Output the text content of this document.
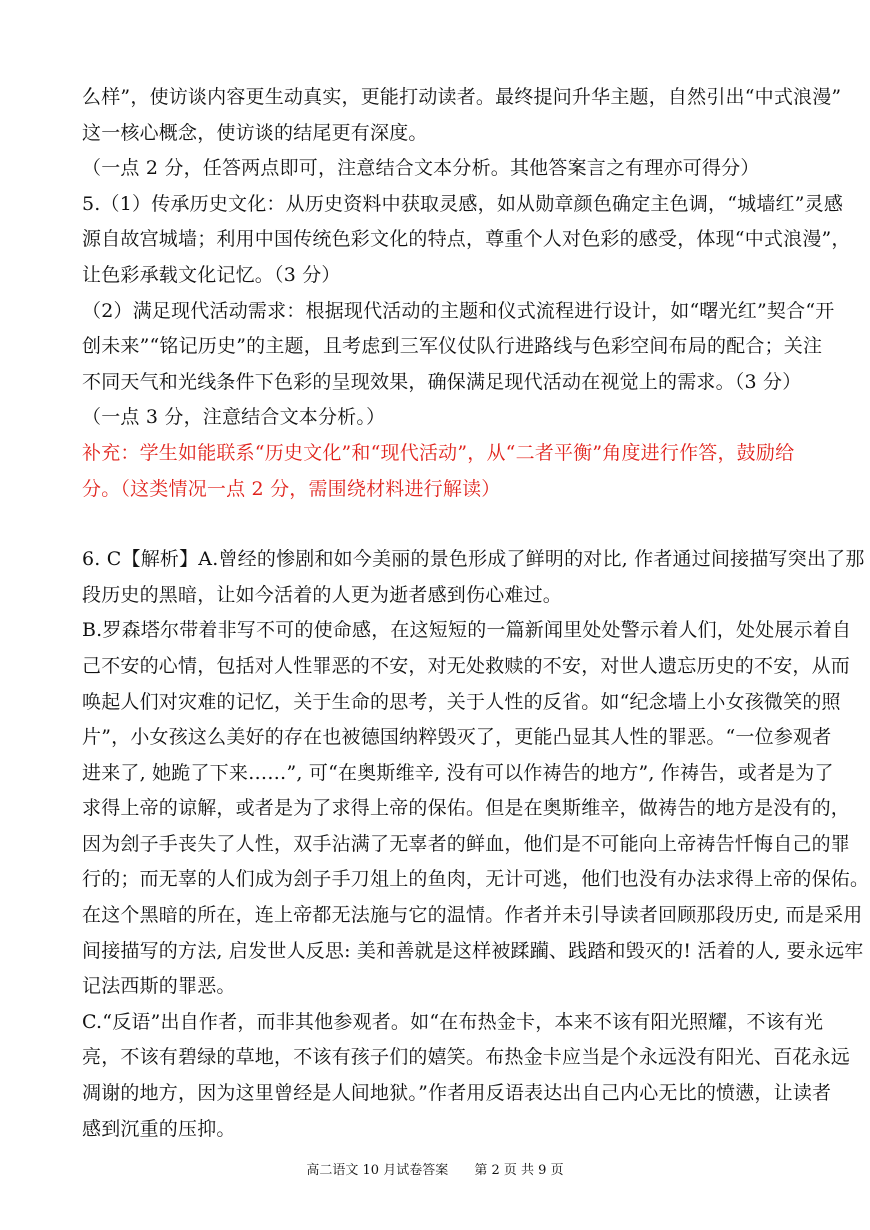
么样”，使访谈内容更生动真实，更能打动读者。最终提问升华主题，自然引出“中式浪漫”
这一核心概念，使访谈的结尾更有深度。
（一点 2 分，任答两点即可，注意结合文本分析。其他答案言之有理亦可得分）
5.（1）传承历史文化：从历史资料中获取灵感，如从勋章颜色确定主色调，“城墙红”灵感
源自故宫城墙；利用中国传统色彩文化的特点，尊重个人对色彩的感受，体现“中式浪漫”，
让色彩承载文化记忆。（3 分）
（2）满足现代活动需求：根据现代活动的主题和仪式流程进行设计，如“曙光红”契合“开
创未来”“铭记历史”的主题，且考虑到三军仪仗队行进路线与色彩空间布局的配合；关注
不同天气和光线条件下色彩的呈现效果，确保满足现代活动在视觉上的需求。（3 分）
（一点 3 分，注意结合文本分析。）
补充：学生如能联系“历史文化”和“现代活动”，从“二者平衡”角度进行作答，鼓励给
分。（这类情况一点 2 分，需围绕材料进行解读）
6. C【解析】A.曾经的惨剧和如今美丽的景色形成了鲜明的对比, 作者通过间接描写突出了那
段历史的黑暗，让如今活着的人更为逝者感到伤心难过。
B.罗森塔尔带着非写不可的使命感，在这短短的一篇新闻里处处警示着人们，处处展示着自
己不安的心情，包括对人性罪恶的不安，对无处救赎的不安，对世人遗忘历史的不安，从而
唤起人们对灾难的记忆，关于生命的思考，关于人性的反省。如“纪念墙上小女孩微笑的照
片”，小女孩这么美好的存在也被德国纳粹毁灭了，更能凸显其人性的罪恶。“一位参观者
进来了, 她跪了下来……”, 可“在奥斯维辛, 没有可以作祷告的地方”, 作祷告，或者是为了
求得上帝的谅解，或者是为了求得上帝的保佑。但是在奥斯维辛，做祷告的地方是没有的，
因为刽子手丧失了人性，双手沾满了无辜者的鲜血，他们是不可能向上帝祷告忏悔自己的罪
行的；而无辜的人们成为刽子手刀俎上的鱼肉，无计可逃，他们也没有办法求得上帝的保佑。
在这个黑暗的所在，连上帝都无法施与它的温情。作者并未引导读者回顾那段历史, 而是采用
间接描写的方法, 启发世人反思: 美和善就是这样被蹂躏、践踏和毁灭的! 活着的人, 要永远牢
记法西斯的罪恶。
C.“反语”出自作者，而非其他参观者。如“在布热金卡，本来不该有阳光照耀，不该有光
亮，不该有碧绿的草地，不该有孩子们的嬉笑。布热金卡应当是个永远没有阳光、百花永远
凋谢的地方，因为这里曾经是人间地狱。”作者用反语表达出自己内心无比的愤懑，让读者
感到沉重的压抑。
高二语文 10 月试卷答案 第 2 页 共 9 页
